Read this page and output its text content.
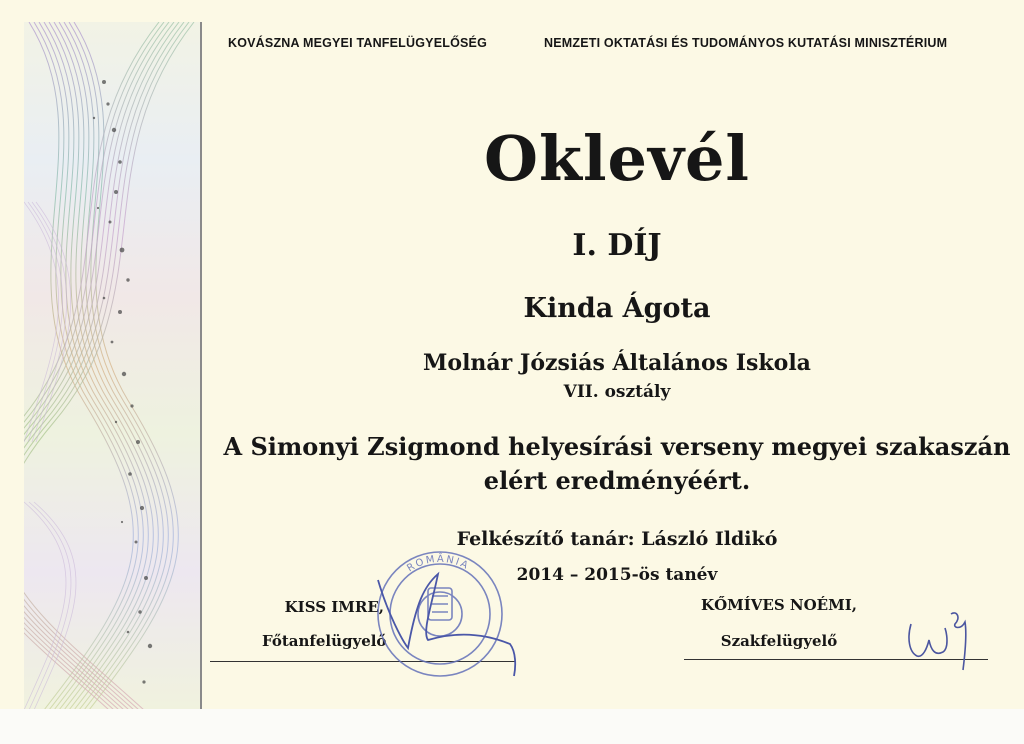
KOVÁSZNA MEGYEI TANFELÜGYELŐSÉG	NEMZETI OKTATÁSI ÉS TUDOMÁNYOS KUTATÁSI MINISZTÉRIUM
Oklevél
I. DÍJ
Kinda Ágota
Molnár Józsiás Általános Iskola
VII. osztály
A Simonyi Zsigmond helyesírási verseny megyei szakaszán elért eredményéért.
Felkészítő tanár: László Ildikó
2014 – 2015-ös tanév
KISS IMRE,
Főtanfelügyelő
KŐMÍVES NOÉMI,
Szakfelügyelő
ROMÂNIA
